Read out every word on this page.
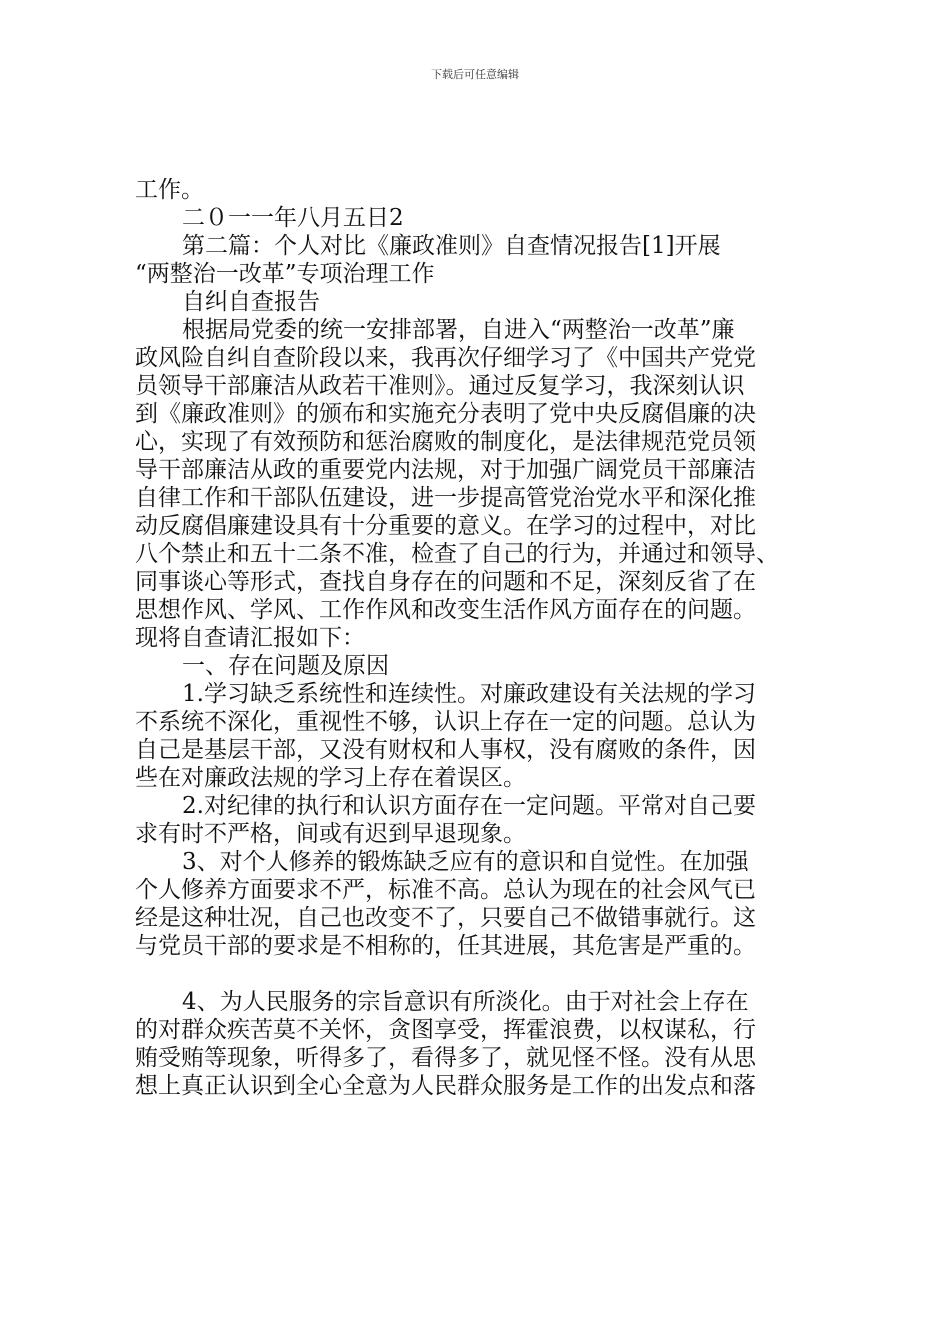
下载后可任意编辑
工作。
二０一一年八月五日2
第二篇：个人对比《廉政准则》自查情况报告[1]开展
“两整治一改革”专项治理工作
自纠自查报告
根据局党委的统一安排部署，自进入“两整治一改革”廉
政风险自纠自查阶段以来，我再次仔细学习了《中国共产党党
员领导干部廉洁从政若干准则》。通过反复学习，我深刻认识
到《廉政准则》的颁布和实施充分表明了党中央反腐倡廉的决
心，实现了有效预防和惩治腐败的制度化，是法律规范党员领
导干部廉洁从政的重要党内法规，对于加强广阔党员干部廉洁
自律工作和干部队伍建设，进一步提高管党治党水平和深化推
动反腐倡廉建设具有十分重要的意义。在学习的过程中，对比
八个禁止和五十二条不准，检查了自己的行为，并通过和领导、
同事谈心等形式，查找自身存在的问题和不足，深刻反省了在
思想作风、学风、工作作风和改变生活作风方面存在的问题。
现将自查请汇报如下：
一、存在问题及原因
1.学习缺乏系统性和连续性。对廉政建设有关法规的学习
不系统不深化，重视性不够，认识上存在一定的问题。总认为
自己是基层干部，又没有财权和人事权，没有腐败的条件，因
些在对廉政法规的学习上存在着误区。
2.对纪律的执行和认识方面存在一定问题。平常对自己要
求有时不严格，间或有迟到早退现象。
3、对个人修养的锻炼缺乏应有的意识和自觉性。在加强
个人修养方面要求不严，标准不高。总认为现在的社会风气已
经是这种壮况，自己也改变不了，只要自己不做错事就行。这
与党员干部的要求是不相称的，任其进展，其危害是严重的。
4、为人民服务的宗旨意识有所淡化。由于对社会上存在
的对群众疾苦莫不关怀，贪图享受，挥霍浪费，以权谋私，行
贿受贿等现象，听得多了，看得多了，就见怪不怪。没有从思
想上真正认识到全心全意为人民群众服务是工作的出发点和落
